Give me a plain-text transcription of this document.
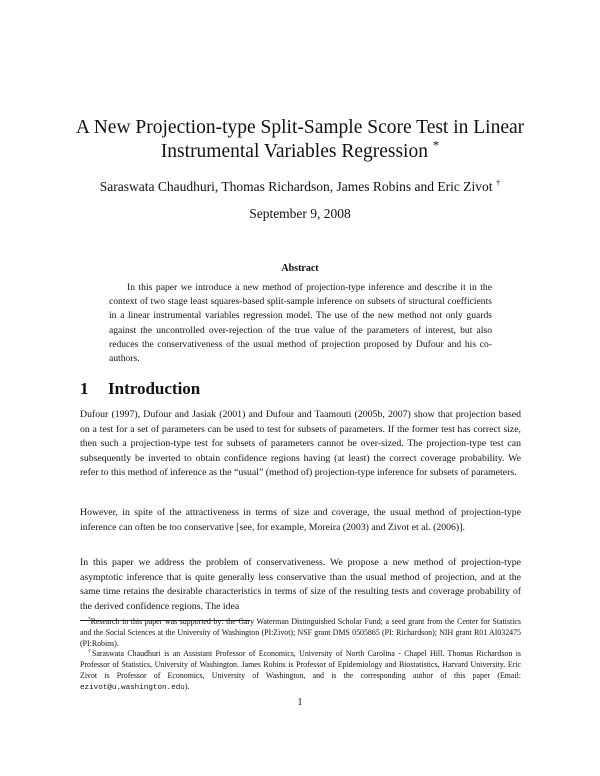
A New Projection-type Split-Sample Score Test in Linear
Instrumental Variables Regression *
Saraswata Chaudhuri, Thomas Richardson, James Robins and Eric Zivot †
September 9, 2008
Abstract
In this paper we introduce a new method of projection-type inference and describe it in the context of two stage least squares-based split-sample inference on subsets of structural coefficients in a linear instrumental variables regression model. The use of the new method not only guards against the uncontrolled over-rejection of the true value of the parameters of interest, but also reduces the conservativeness of the usual method of projection proposed by Dufour and his co-authors.
1 Introduction
Dufour (1997), Dufour and Jasiak (2001) and Dufour and Taamouti (2005b, 2007) show that projection based on a test for a set of parameters can be used to test for subsets of parameters. If the former test has correct size, then such a projection-type test for subsets of parameters cannot be over-sized. The projection-type test can subsequently be inverted to obtain confidence regions having (at least) the correct coverage probability. We refer to this method of inference as the “usual” (method of) projection-type inference for subsets of parameters.
However, in spite of the attractiveness in terms of size and coverage, the usual method of projection-type inference can often be too conservative [see, for example, Moreira (2003) and Zivot et al. (2006)].
In this paper we address the problem of conservativeness. We propose a new method of projection-type asymptotic inference that is quite generally less conservative than the usual method of projection, and at the same time retains the desirable characteristics in terms of size of the resulting tests and coverage probability of the derived confidence regions. The idea

*Research in this paper was supported by: the Gary Waterman Distinguished Scholar Fund; a seed grant from the Center for Statistics and the Social Sciences at the University of Washington (PI:Zivot); NSF grant DMS 0505865 (PI: Richardson); NIH grant R01 AI032475 (PI:Robins).

†Saraswata Chaudhuri is an Assistant Professor of Economics, University of North Carolina - Chapel Hill. Thomas Richardson is Professor of Statistics, University of Washington. James Robins is Professor of Epidemiology and Biostatistics, Harvard University. Eric Zivot is Professor of Economics, University of Washington, and is the corresponding author of this paper (Email: ezivot@u.washington.edu).

1
